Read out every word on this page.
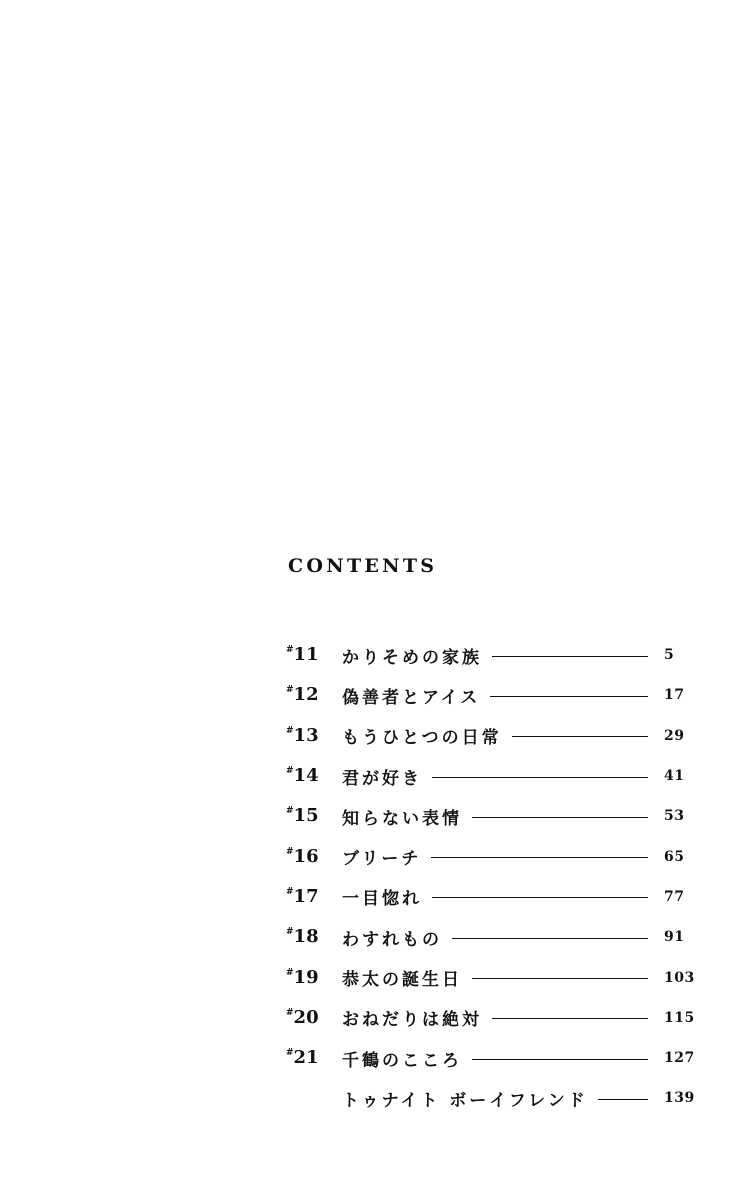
CONTENTS
#11	かりそめの家族	5
#12	偽善者とアイス	17
#13	もうひとつの日常	29
#14	君が好き	41
#15	知らない表情	53
#16	ブリーチ	65
#17	一目惚れ	77
#18	わすれもの	91
#19	恭太の誕生日	103
#20	おねだりは絶対	115
#21	千鶴のこころ	127
トゥナイト ボーイフレンド	139
